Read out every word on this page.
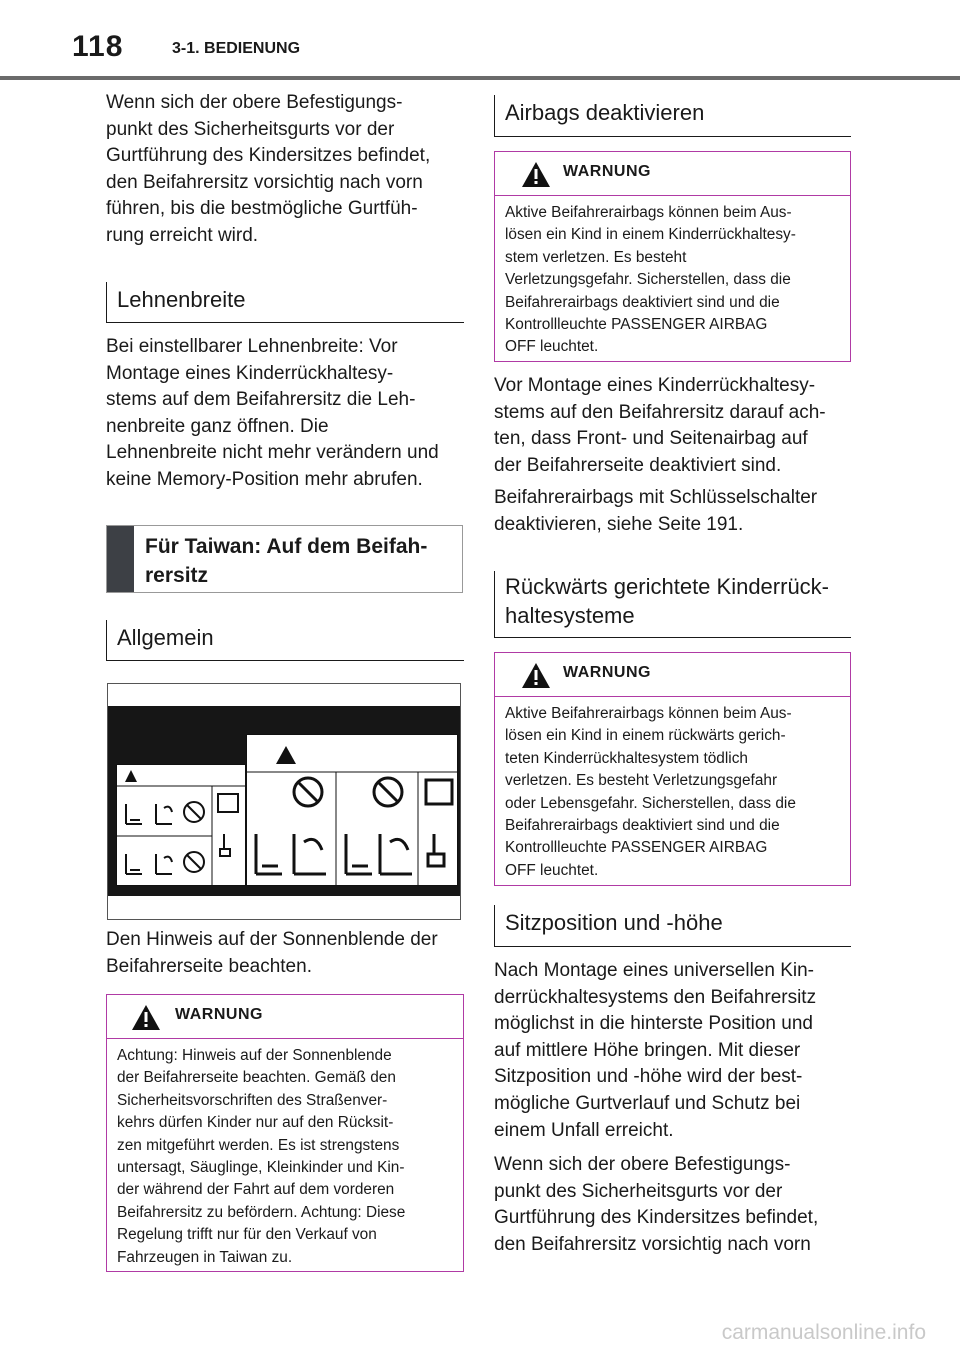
118	3-1. BEDIENUNG

Wenn sich der obere Befestigungs-

punkt des Sicherheitsgurts vor der

Gurtführung des Kindersitzes befindet,

den Beifahrersitz vorsichtig nach vorn

führen, bis die bestmögliche Gurtfüh-

rung erreicht wird.

Lehnenbreite

Bei einstellbarer Lehnenbreite: Vor

Montage eines Kinderrückhaltesy-

stems auf dem Beifahrersitz die Leh-

nenbreite ganz öffnen. Die

Lehnenbreite nicht mehr verändern und

keine Memory-Position mehr abrufen.

Für Taiwan: Auf dem Beifah-
rersitz
Allgemein

Den Hinweis auf der Sonnenblende der

Beifahrerseite beachten.

WARNUNG
Achtung: Hinweis auf der Sonnenblende
der Beifahrerseite beachten. Gemäß den
Sicherheitsvorschriften des Straßenver-
kehrs dürfen Kinder nur auf den Rücksit-
zen mitgeführt werden. Es ist strengstens
untersagt, Säuglinge, Kleinkinder und Kin-
der während der Fahrt auf dem vorderen
Beifahrersitz zu befördern. Achtung: Diese
Regelung trifft nur für den Verkauf von
Fahrzeugen in Taiwan zu.
Airbags deaktivieren
WARNUNG
Aktive Beifahrerairbags können beim Aus-
lösen ein Kind in einem Kinderrückhaltesy-
stem verletzen. Es besteht
Verletzungsgefahr. Sicherstellen, dass die
Beifahrerairbags deaktiviert sind und die
Kontrollleuchte PASSENGER AIRBAG
OFF leuchtet.

Vor Montage eines Kinderrückhaltesy-

stems auf den Beifahrersitz darauf ach-

ten, dass Front- und Seitenairbag auf

der Beifahrerseite deaktiviert sind.

Beifahrerairbags mit Schlüsselschalter

deaktivieren, siehe Seite 191.

Rückwärts gerichtete Kinderrück-
haltesysteme
WARNUNG
Aktive Beifahrerairbags können beim Aus-
lösen ein Kind in einem rückwärts gerich-
teten Kinderrückhaltesystem tödlich
verletzen. Es besteht Verletzungsgefahr
oder Lebensgefahr. Sicherstellen, dass die
Beifahrerairbags deaktiviert sind und die
Kontrollleuchte PASSENGER AIRBAG
OFF leuchtet.
Sitzposition und -höhe

Nach Montage eines universellen Kin-

derrückhaltesystems den Beifahrersitz

möglichst in die hinterste Position und

auf mittlere Höhe bringen. Mit dieser

Sitzposition und -höhe wird der best-

mögliche Gurtverlauf und Schutz bei

einem Unfall erreicht.

Wenn sich der obere Befestigungs-

punkt des Sicherheitsgurts vor der

Gurtführung des Kindersitzes befindet,

den Beifahrersitz vorsichtig nach vorn

carmanualsonline.info
